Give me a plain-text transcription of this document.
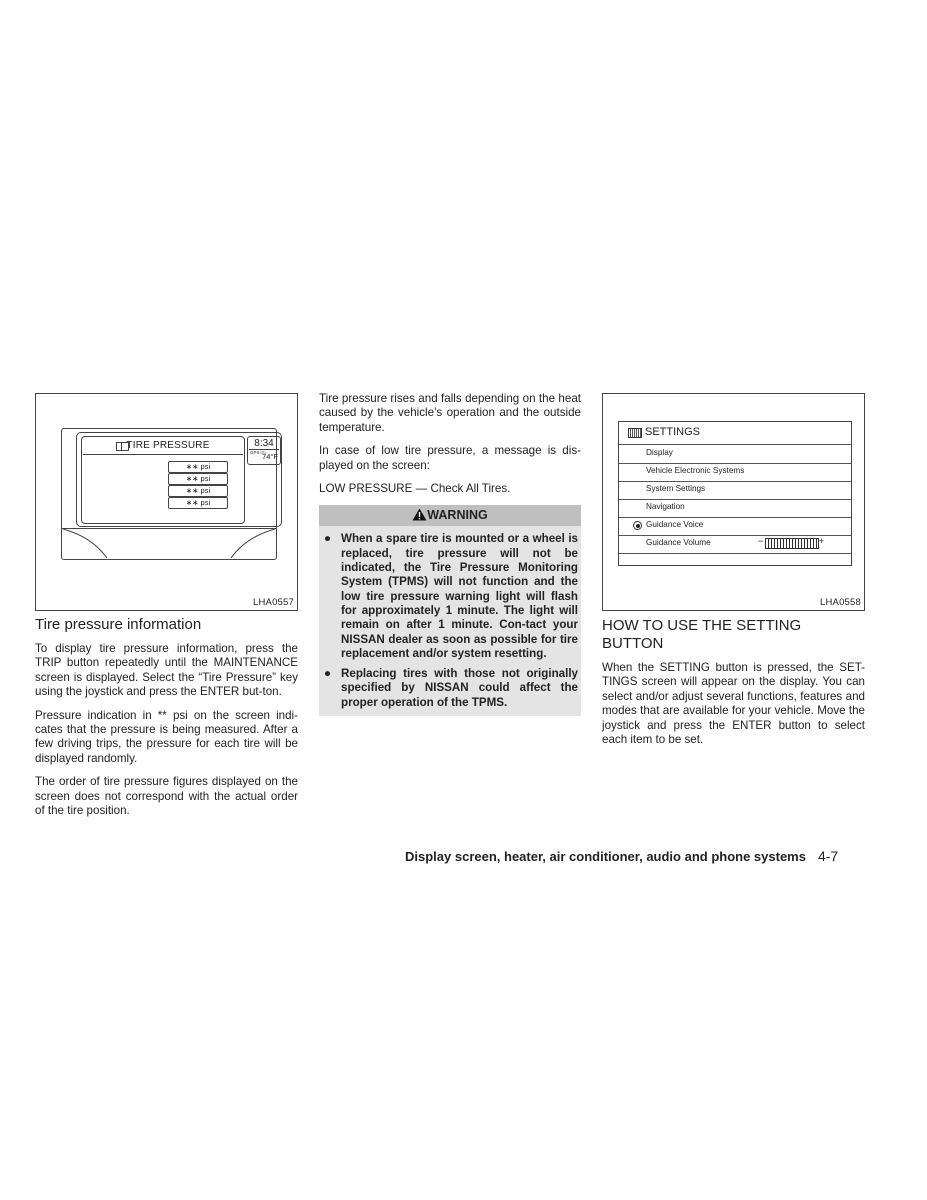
TIRE PRESSURE
∗∗ psi
∗∗ psi
∗∗ psi
∗∗ psi
8:34
GPS◁▷
74°F
LHA0557
Tire pressure information

To display tire pressure information, press the TRIP button repeatedly until the MAINTENANCE screen is displayed. Select the “Tire Pressure” key using the joystick and press the ENTER but-ton.

Pressure indication in ** psi on the screen indi-cates that the pressure is being measured. After a few driving trips, the pressure for each tire will be displayed randomly.

The order of tire pressure figures displayed on the screen does not correspond with the actual order of the tire position.

Tire pressure rises and falls depending on the heat caused by the vehicle’s operation and the outside temperature.

In case of low tire pressure, a message is dis-played on the screen:

LOW PRESSURE — Check All Tires.

WARNING
● When a spare tire is mounted or a wheel is replaced, tire pressure will not be indicated, the Tire Pressure Monitoring System (TPMS) will not function and the low tire pressure warning light will flash for approximately 1 minute. The light will remain on after 1 minute. Con-tact your NISSAN dealer as soon as possible for tire replacement and/or system resetting.
● Replacing tires with those not originally specified by NISSAN could affect the proper operation of the TPMS.
SETTINGS
Display
Vehicle Electronic Systems
System Settings
Navigation
Guidance Voice
Guidance Volume	−	+
LHA0558
HOW TO USE THE SETTING BUTTON

When the SETTING button is pressed, the SET-TINGS screen will appear on the display. You can select and/or adjust several functions, features and modes that are available for your vehicle. Move the joystick and press the ENTER button to select each item to be set.

Display screen, heater, air conditioner, audio and phone systems 4-7
